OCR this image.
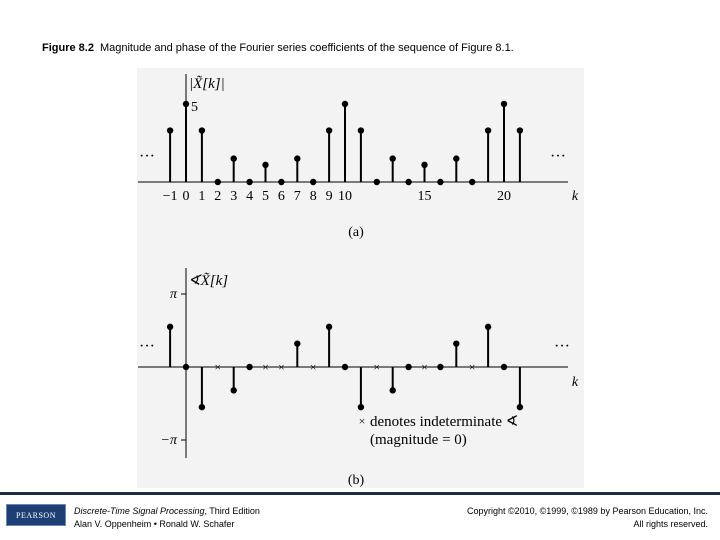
Figure 8.2 Magnitude and phase of the Fourier series coefficients of the sequence of Figure 8.1.
|X̃[k]|
5
−1 0 1 2 3 4 5 6 7 8 9 10	15	20	k
···	···
(a)
∢X̃[k]
π
−π
×	× × ×	×	×	×
k
···	···
× denotes indeterminate ∢
(magnitude = 0)
(b)
PEARSON Discrete-Time Signal Processing, Third Edition
Alan V. Oppenheim • Ronald W. Schafer
Copyright ©2010, ©1999, ©1989 by Pearson Education, Inc.
All rights reserved.
